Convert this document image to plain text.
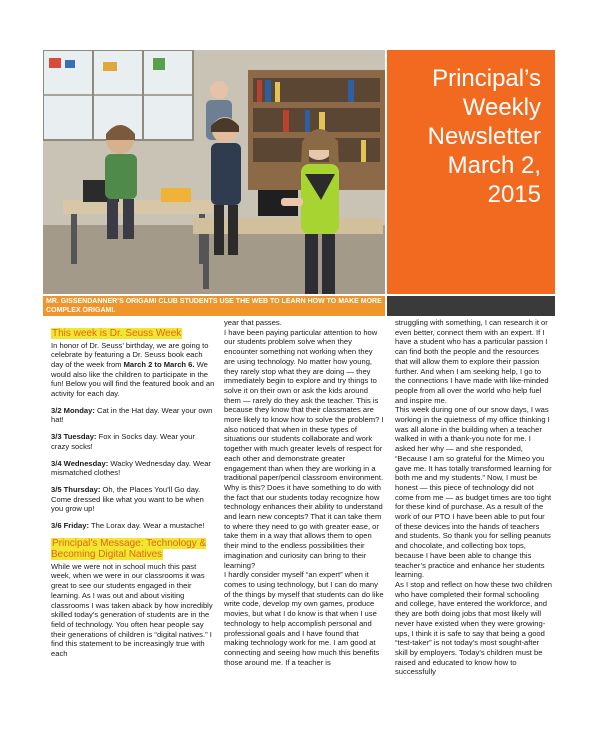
Principal’s
Weekly
Newsletter
March 2,
2015
MR. GISSENDANNER’S ORIGAMI CLUB STUDENTS USE THE WEB TO LEARN HOW TO MAKE MORE COMPLEX ORIGAMI.
This week is Dr. Seuss Week

In honor of Dr. Seuss’ birthday, we are going to celebrate by featuring a Dr. Seuss book each day of the week from March 2 to March 6. We would also like the children to participate in the fun! Below you will find the featured book and an activity for each day.

3/2 Monday: Cat in the Hat day. Wear your own hat!

3/3 Tuesday: Fox in Socks day. Wear your crazy socks!

3/4 Wednesday: Wacky Wednesday day. Wear mismatched clothes!

3/5 Thursday: Oh, the Places You’ll Go day. Come dressed like what you want to be when you grow up!

3/6 Friday: The Lorax day. Wear a mustache!

Principal’s Message: Technology & Becoming Digital Natives

While we were not in school much this past week, when we were in our classrooms it was great to see our students engaged in their learning. As I was out and about visiting classrooms I was taken aback by how incredibly skilled today’s generation of students are in the field of technology. You often hear people say their generations of children is “digital natives.” I find this statement to be increasingly true with each

year that passes.

I have been paying particular attention to how our students problem solve when they encounter something not working when they are using technology. No matter how young, they rarely stop what they are doing — they immediately begin to explore and try things to solve it on their own or ask the kids around them — rarely do they ask the teacher. This is because they know that their classmates are more likely to know how to solve the problem? I also noticed that when in these types of situations our students collaborate and work together with much greater levels of respect for each other and demonstrate greater engagement than when they are working in a traditional paper/pencil classroom environment. Why is this? Does it have something to do with the fact that our students today recognize how technology enhances their ability to understand and learn new concepts? That it can take them to where they need to go with greater ease, or take them in a way that allows them to open their mind to the endless possibilities their imagination and curiosity can bring to their learning?

I hardly consider myself “an expert” when it comes to using technology, but I can do many of the things by myself that students can do like write code, develop my own games, produce movies, but what I do know is that when I use technology to help accomplish personal and professional goals and I have found that making technology work for me. I am good at connecting and seeing how much this benefits those around me. If a teacher is

struggling with something, I can research it or even better, connect them with an expert. If I have a student who has a particular passion I can find both the people and the resources that will allow them to explore their passion further. And when I am seeking help, I go to the connections I have made with like-minded people from all over the world who help fuel and inspire me.

This week during one of our snow days, I was working in the quietness of my office thinking I was all alone in the building when a teacher walked in with a thank-you note for me. I asked her why — and she responded, “Because I am so grateful for the Mimeo you gave me. It has totally transformed learning for both me and my students.” Now, I must be honest — this piece of technology did not come from me — as budget times are too tight for these kind of purchase. As a result of the work of our PTO I have been able to put four of these devices into the hands of teachers and students. So thank you for selling peanuts and chocolate, and collecting box tops, because I have been able to change this teacher’s practice and enhance her students learning.

As I stop and reflect on how these two children who have completed their formal schooling and college, have entered the workforce, and they are both doing jobs that most likely will never have existed when they were growing-ups, I think it is safe to say that being a good “test-taker” is not today’s most sought-after skill by employers. Today’s children must be raised and educated to know how to successfully
